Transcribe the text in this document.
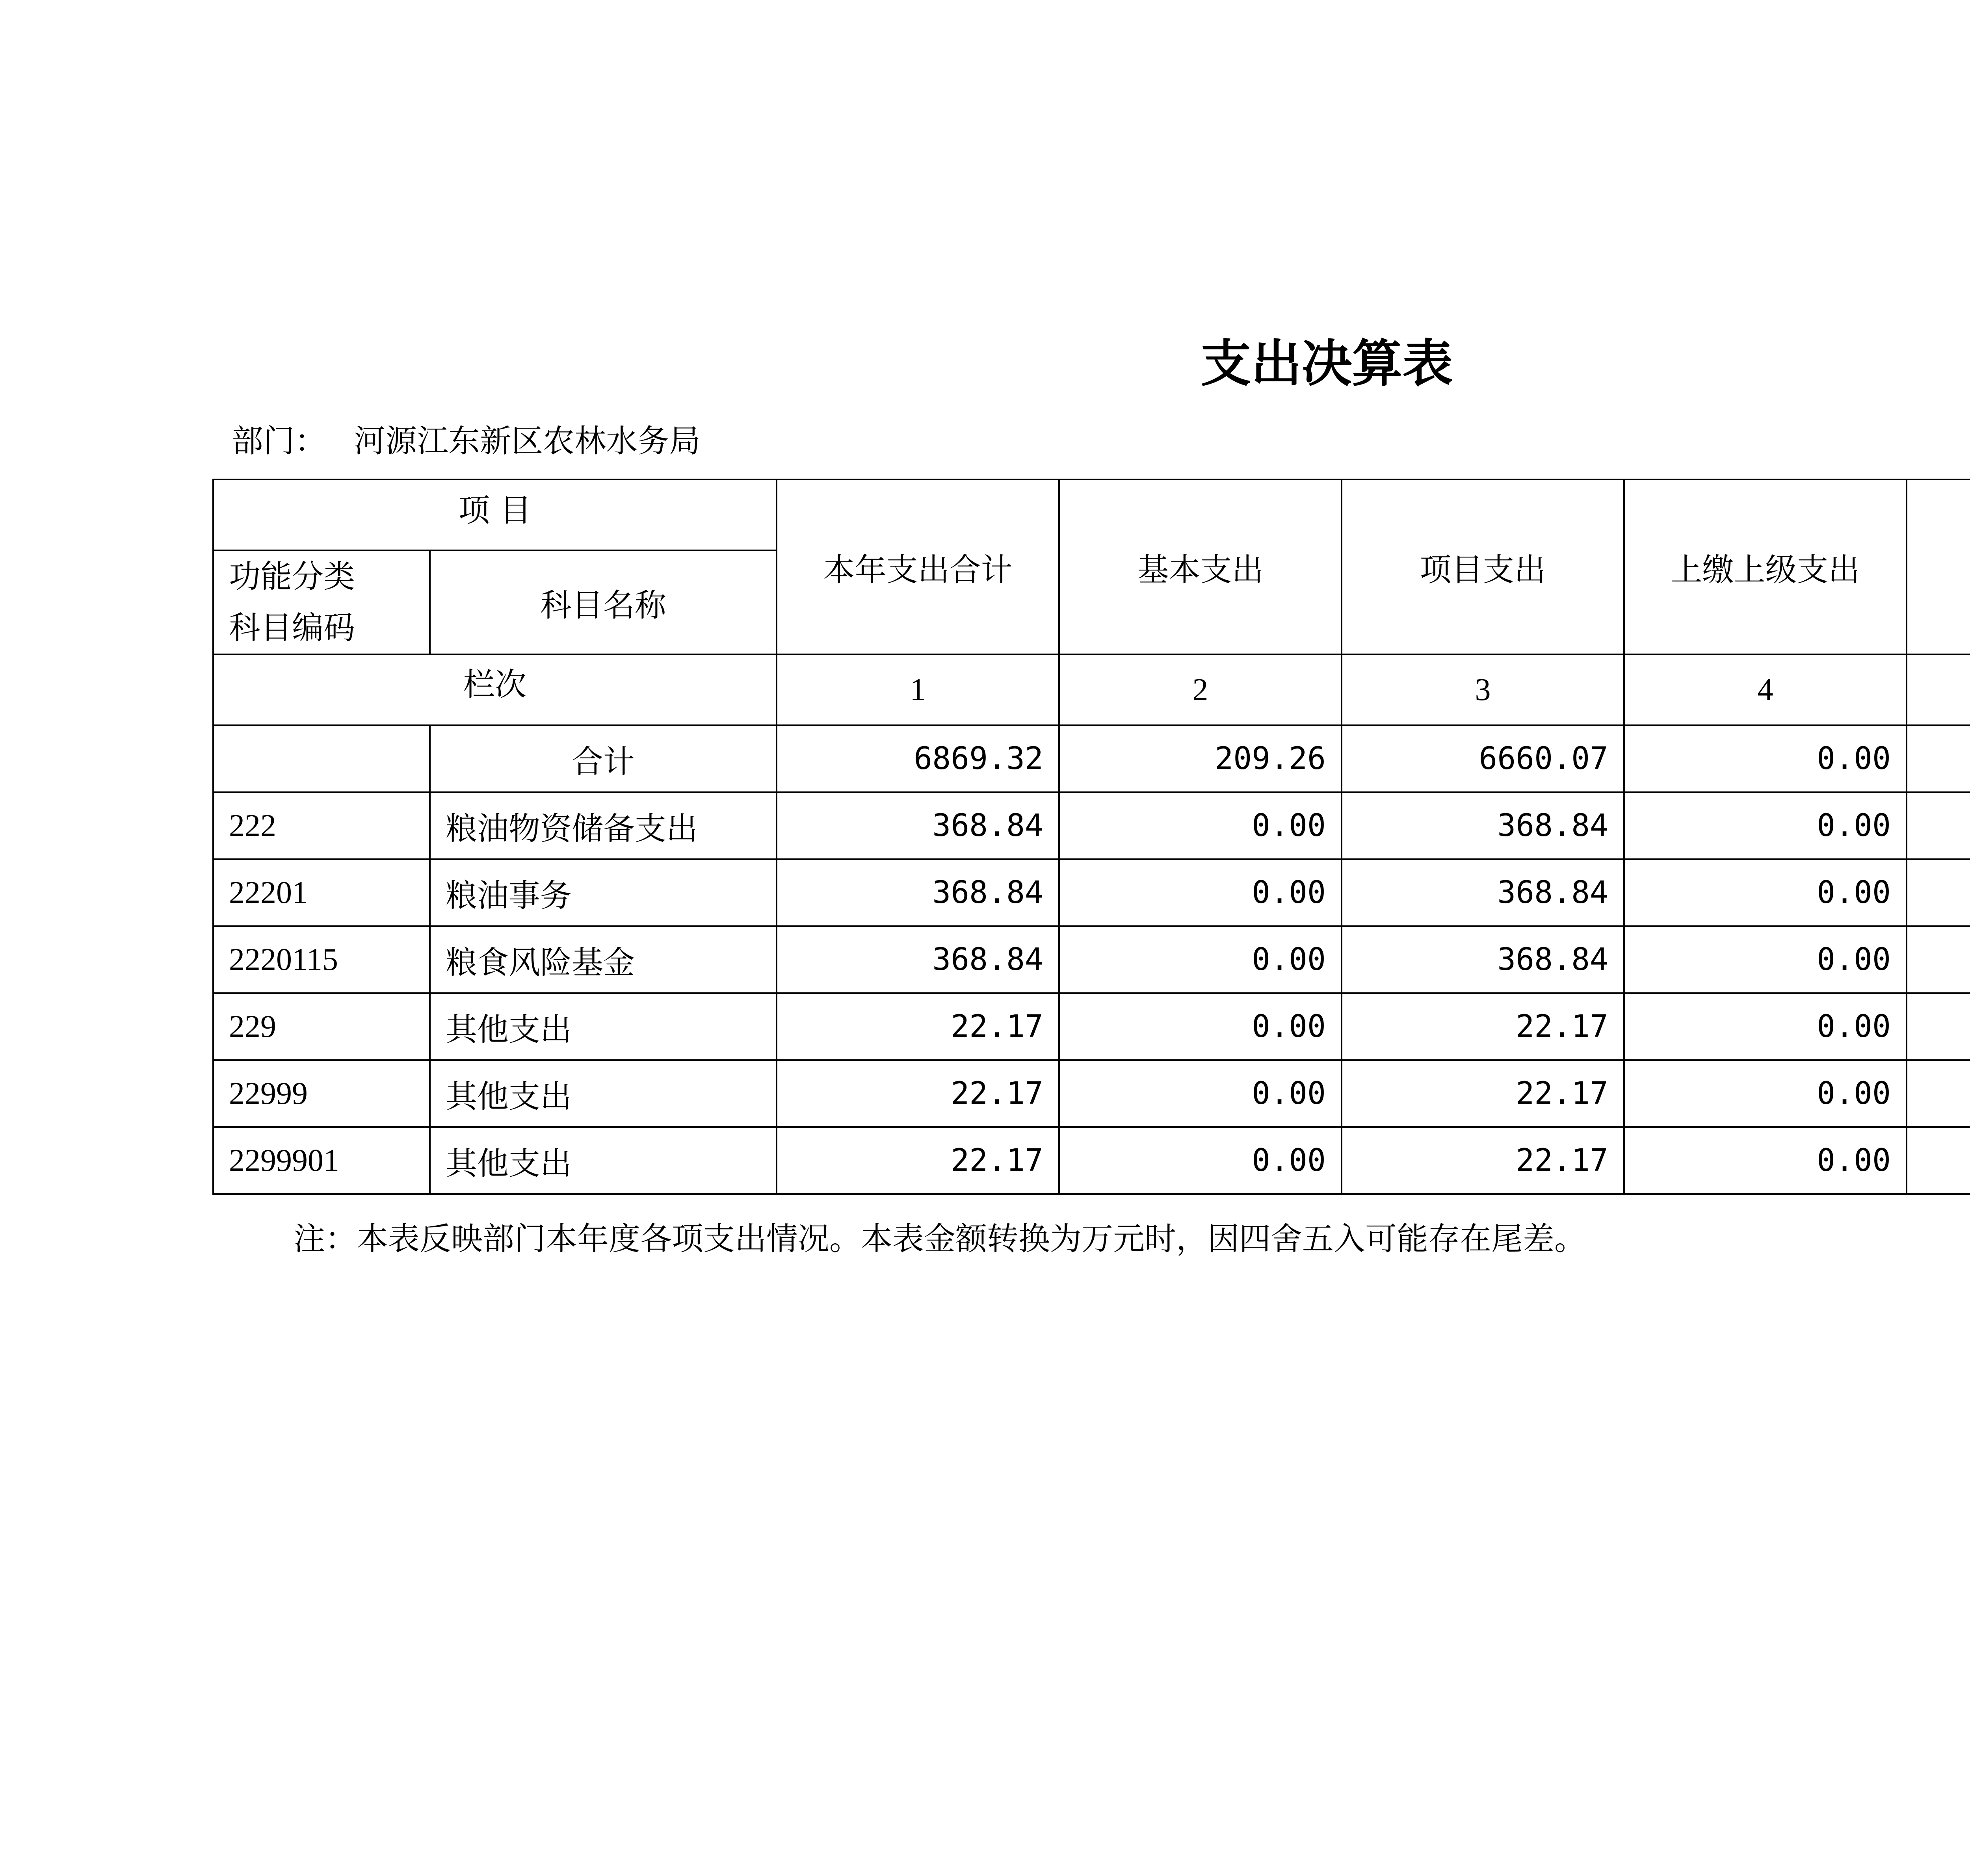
支出决算表
部门： 河源江东新区农林水务局
项 目		本年支出合计	基本支出	项目支出	上缴上级支出		
功能分类
科目编码	科目名称						
栏次		1	2	3	4		
	合计	6869.32	209.26	6660.07	0.00		
222	粮油物资储备支出	368.84	0.00	368.84	0.00		
22201	粮油事务	368.84	0.00	368.84	0.00		
2220115	粮食风险基金	368.84	0.00	368.84	0.00		
229	其他支出	22.17	0.00	22.17	0.00		
22999	其他支出	22.17	0.00	22.17	0.00		
2299901	其他支出	22.17	0.00	22.17	0.00		
注：本表反映部门本年度各项支出情况。本表金额转换为万元时，因四舍五入可能存在尾差。
